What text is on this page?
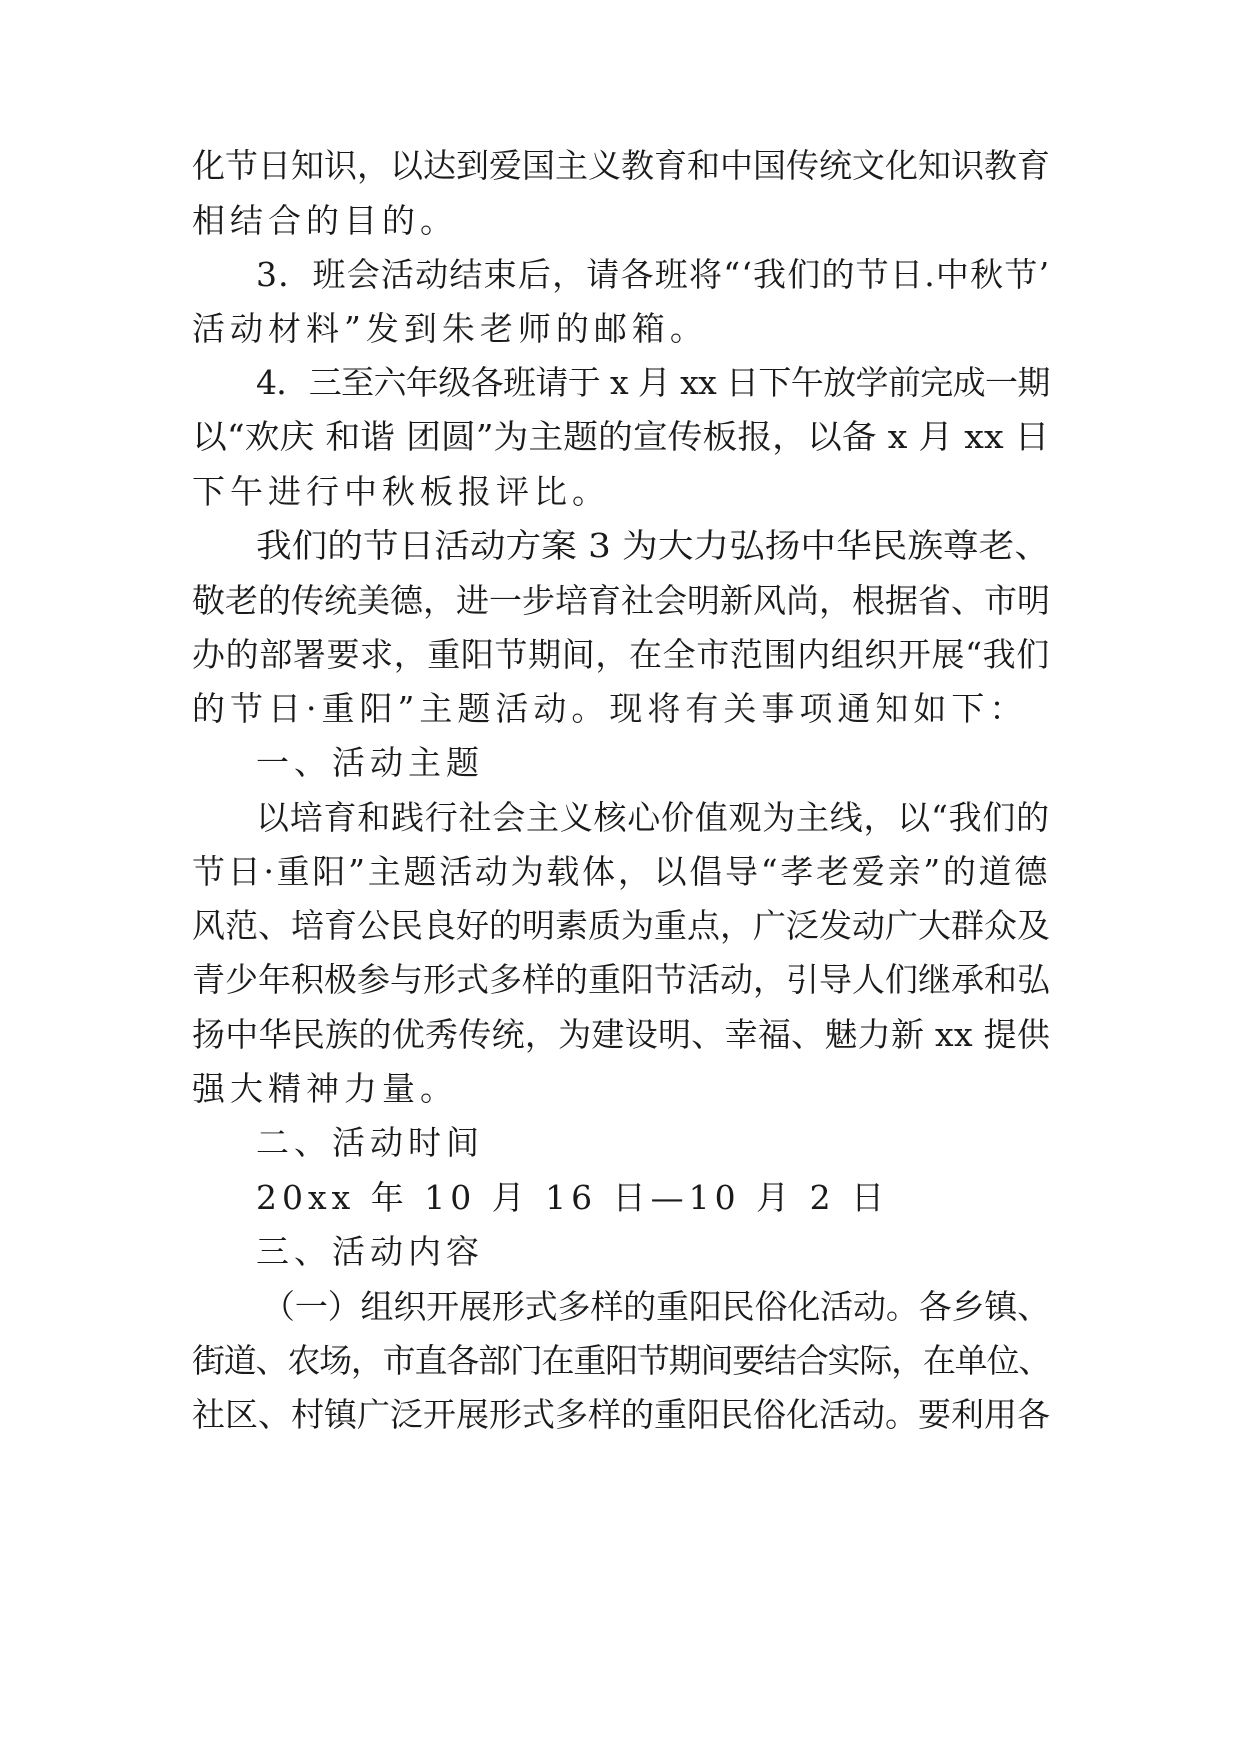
化节日知识，以达到爱国主义教育和中国传统文化知识教育

相结合的目的。

3．班会活动结束后，请各班将“‘我们的节日.中秋节’

活动材料”发到朱老师的邮箱。

4．三至六年级各班请于 x 月 xx 日下午放学前完成一期

以“欢庆 和谐 团圆”为主题的宣传板报，以备 x 月 xx 日

下午进行中秋板报评比。

我们的节日活动方案 3 为大力弘扬中华民族尊老、

敬老的传统美德，进一步培育社会明新风尚，根据省、市明

办的部署要求，重阳节期间，在全市范围内组织开展“我们

的节日·重阳”主题活动。现将有关事项通知如下：

一、活动主题

以培育和践行社会主义核心价值观为主线，以“我们的

节日·重阳”主题活动为载体，以倡导“孝老爱亲”的道德

风范、培育公民良好的明素质为重点，广泛发动广大群众及

青少年积极参与形式多样的重阳节活动，引导人们继承和弘

扬中华民族的优秀传统，为建设明、幸福、魅力新 xx 提供

强大精神力量。

二、活动时间

20xx 年 10 月 16 日—10 月 2 日

三、活动内容

（一）组织开展形式多样的重阳民俗化活动。各乡镇、

街道、农场，市直各部门在重阳节期间要结合实际，在单位、

社区、村镇广泛开展形式多样的重阳民俗化活动。要利用各
